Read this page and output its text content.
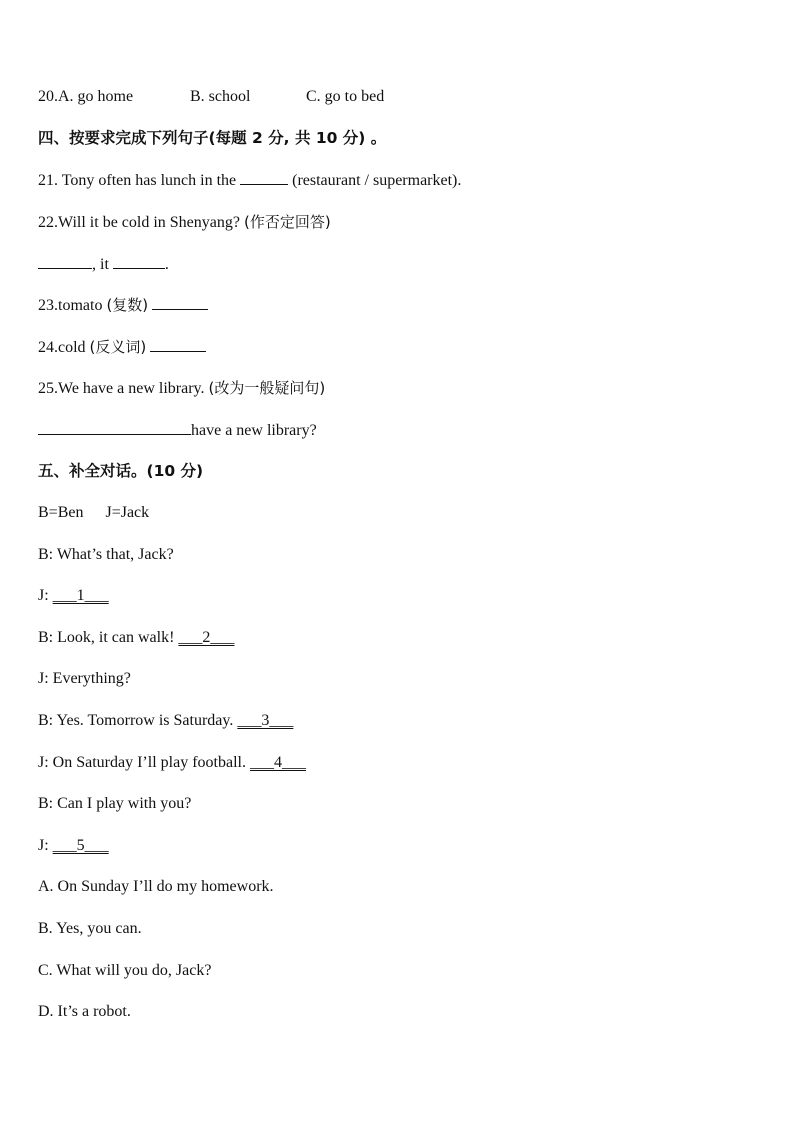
20.A. go home	B. school	C. go to bed
四、按要求完成下列句子(每题 2 分, 共 10 分) 。
21. Tony often has lunch in the	(restaurant / supermarket).
22.Will it be cold in Shenyang? (作否定回答)
, it	.
23.tomato (复数)
24.cold (反义词)
25.We have a new library. (改为一般疑问句)
have a new library?
五、补全对话。(10 分)
B=Ben J=Jack
B: What’s that, Jack?
J: ___1___
B: Look, it can walk! ___2___
J: Everything?
B: Yes. Tomorrow is Saturday. ___3___
J: On Saturday I’ll play football. ___4___
B: Can I play with you?
J: ___5___
A. On Sunday I’ll do my homework.
B. Yes, you can.
C. What will you do, Jack?
D. It’s a robot.
